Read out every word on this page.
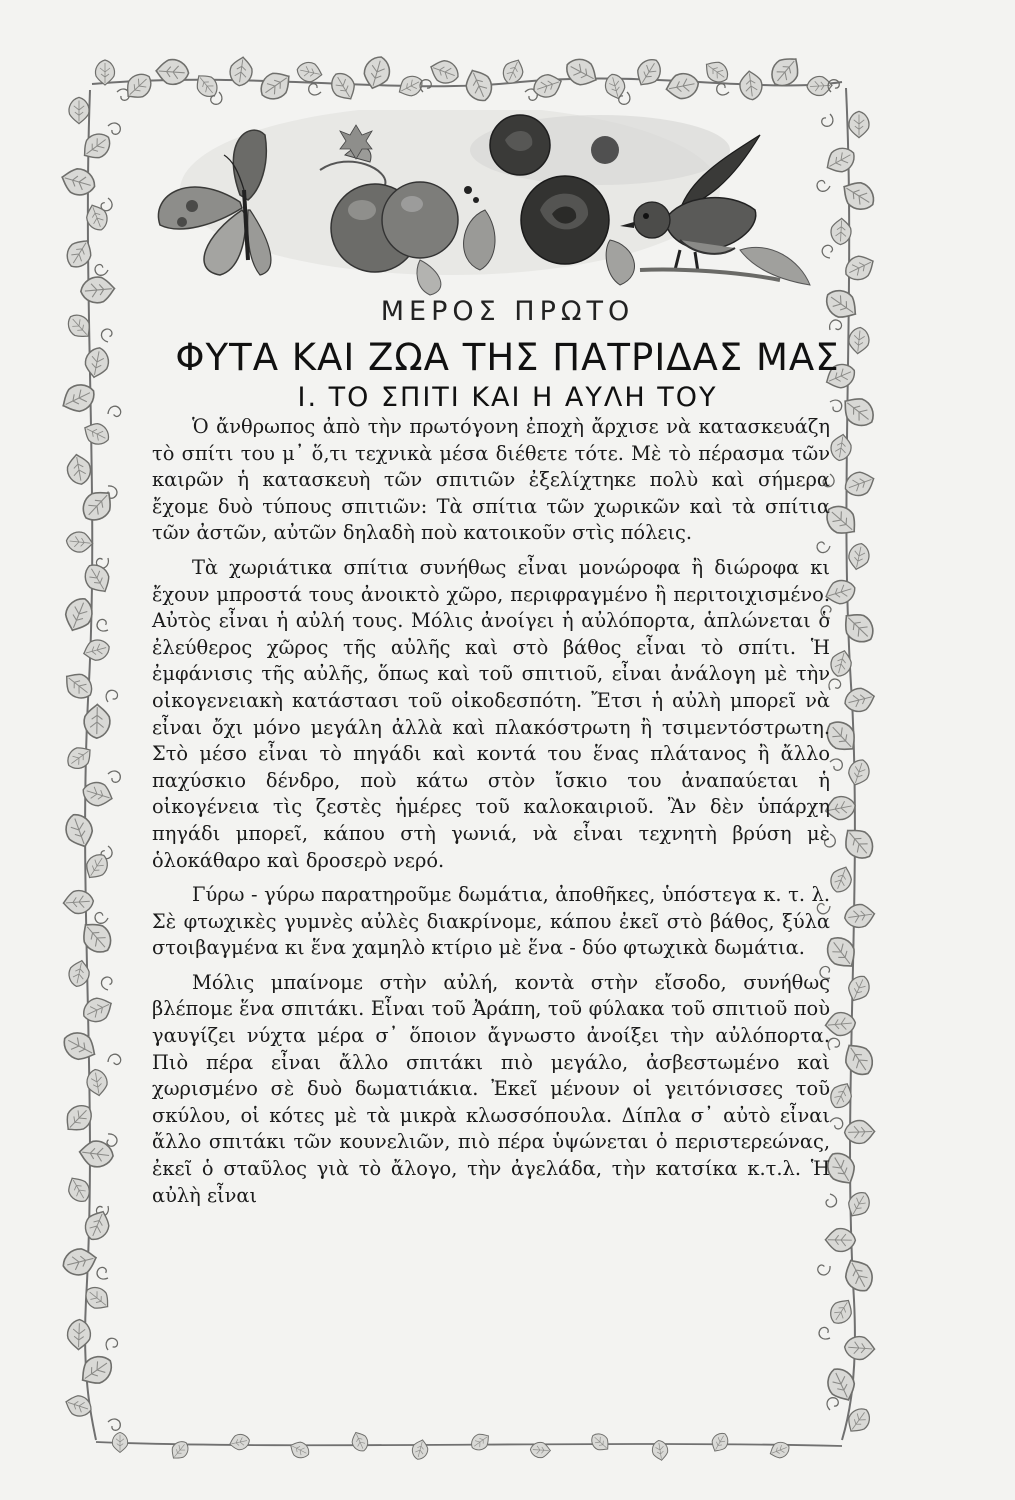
ΜΕΡΟΣ ΠΡΩΤΟ
ΦΥΤΑ ΚΑΙ ΖΩΑ ΤΗΣ ΠΑΤΡΙΔΑΣ ΜΑΣ
Ι. ΤΟ ΣΠΙΤΙ ΚΑΙ Η ΑΥΛΗ ΤΟΥ

Ὁ ἄνθρωπος ἀπὸ τὴν πρωτόγονη ἐποχὴ ἄρχισε νὰ κατασκευάζη τὸ σπίτι του μ᾿ ὅ,τι τεχνικὰ μέσα διέθετε τότε. Μὲ τὸ πέρασμα τῶν καιρῶν ἡ κατασκευὴ τῶν σπιτιῶν ἐξελίχτηκε πολὺ καὶ σήμερα ἔχομε δυὸ τύπους σπιτιῶν: Τὰ σπίτια τῶν χωρικῶν καὶ τὰ σπίτια τῶν ἀστῶν, αὐτῶν δηλαδὴ ποὺ κατοικοῦν στὶς πόλεις.

Τὰ χωριάτικα σπίτια συνήθως εἶναι μονώροφα ἢ διώροφα κι ἔχουν μπροστά τους ἀνοικτὸ χῶρο, περιφραγμένο ἢ περιτοιχισμένο. Αὐτὸς εἶναι ἡ αὐλή τους. Μόλις ἀνοίγει ἡ αὐλόπορτα, ἁπλώνεται ὁ ἐλεύθερος χῶρος τῆς αὐλῆς καὶ στὸ βάθος εἶναι τὸ σπίτι. Ἡ ἐμφάνισις τῆς αὐλῆς, ὅπως καὶ τοῦ σπιτιοῦ, εἶναι ἀνάλογη μὲ τὴν οἰκογενειακὴ κατάστασι τοῦ οἰκοδεσπότη. Ἔτσι ἡ αὐλὴ μπορεῖ νὰ εἶναι ὄχι μόνο μεγάλη ἀλλὰ καὶ πλακόστρωτη ἢ τσιμεντόστρωτη. Στὸ μέσο εἶναι τὸ πηγάδι καὶ κοντά του ἕνας πλάτανος ἢ ἄλλο παχύσκιο δένδρο, ποὺ κάτω στὸν ἴσκιο του ἀναπαύεται ἡ οἰκογένεια τὶς ζεστὲς ἡμέρες τοῦ καλοκαιριοῦ. Ἂν δὲν ὑπάρχη πηγάδι μπορεῖ, κάπου στὴ γωνιά, νὰ εἶναι τεχνητὴ βρύση μὲ ὁλοκάθαρο καὶ δροσερὸ νερό.

Γύρω - γύρω παρατηροῦμε δωμάτια, ἀποθῆκες, ὑπόστεγα κ. τ. λ. Σὲ φτωχικὲς γυμνὲς αὐλὲς διακρίνομε, κάπου ἐκεῖ στὸ βάθος, ξύλα στοιβαγμένα κι ἕνα χαμηλὸ κτίριο μὲ ἕνα - δύο φτωχικὰ δωμάτια.

Μόλις μπαίνομε στὴν αὐλή, κοντὰ στὴν εἴσοδο, συνήθως βλέπομε ἕνα σπιτάκι. Εἶναι τοῦ Ἀράπη, τοῦ φύλακα τοῦ σπιτιοῦ ποὺ γαυγίζει νύχτα μέρα σ᾿ ὅποιον ἄγνωστο ἀνοίξει τὴν αὐλόπορτα. Πιὸ πέρα εἶναι ἄλλο σπιτάκι πιὸ μεγάλο, ἀσβεστωμένο καὶ χωρισμένο σὲ δυὸ δωματιάκια. Ἐκεῖ μένουν οἱ γειτόνισσες τοῦ σκύλου, οἱ κότες μὲ τὰ μικρὰ κλωσσόπουλα. Δίπλα σ᾿ αὐτὸ εἶναι ἄλλο σπιτάκι τῶν κουνελιῶν, πιὸ πέρα ὑψώνεται ὁ περιστερεώνας, ἐκεῖ ὁ σταῦλος γιὰ τὸ ἄλογο, τὴν ἀγελάδα, τὴν κατσίκα κ.τ.λ. Ἡ αὐλὴ εἶναι
